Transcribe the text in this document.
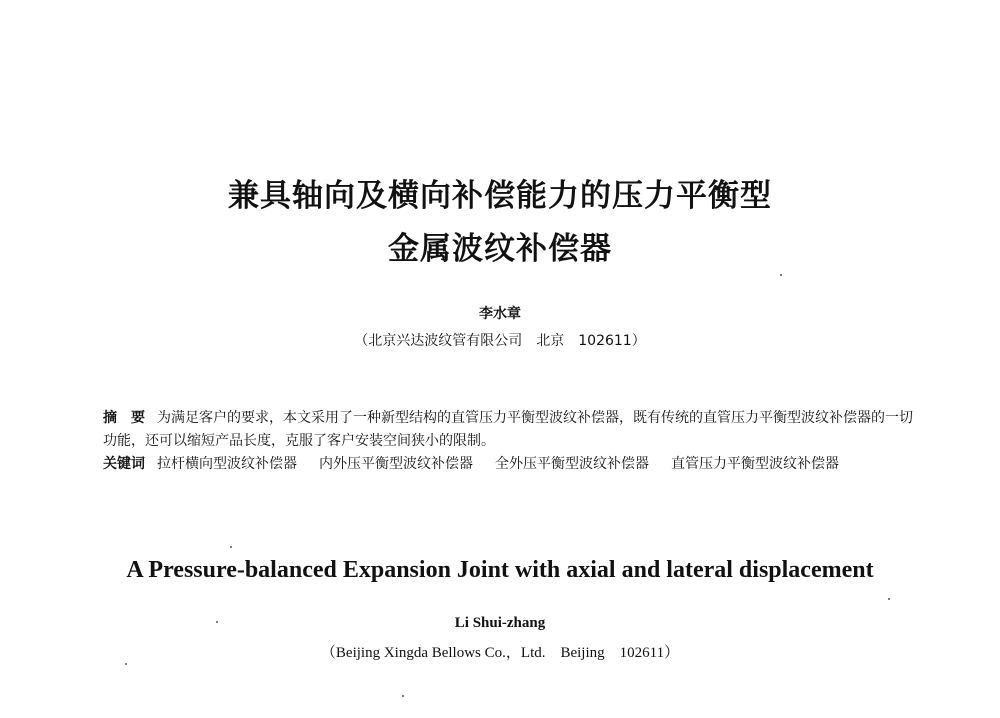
兼具轴向及横向补偿能力的压力平衡型
金属波纹补偿器
李水章
（北京兴达波纹管有限公司　北京　102611）

摘　要 为满足客户的要求，本文采用了一种新型结构的直管压力平衡型波纹补偿器，既有传统的直管压力平衡型波纹补偿器的一切功能，还可以缩短产品长度，克服了客户安装空间狭小的限制。

关键词 拉杆横向型波纹补偿器 内外压平衡型波纹补偿器 全外压平衡型波纹补偿器 直管压力平衡型波纹补偿器

A Pressure-balanced Expansion Joint with axial and lateral displacement
Li Shui-zhang
（Beijing Xingda Bellows Co.，Ltd.　Beijing　102611）
